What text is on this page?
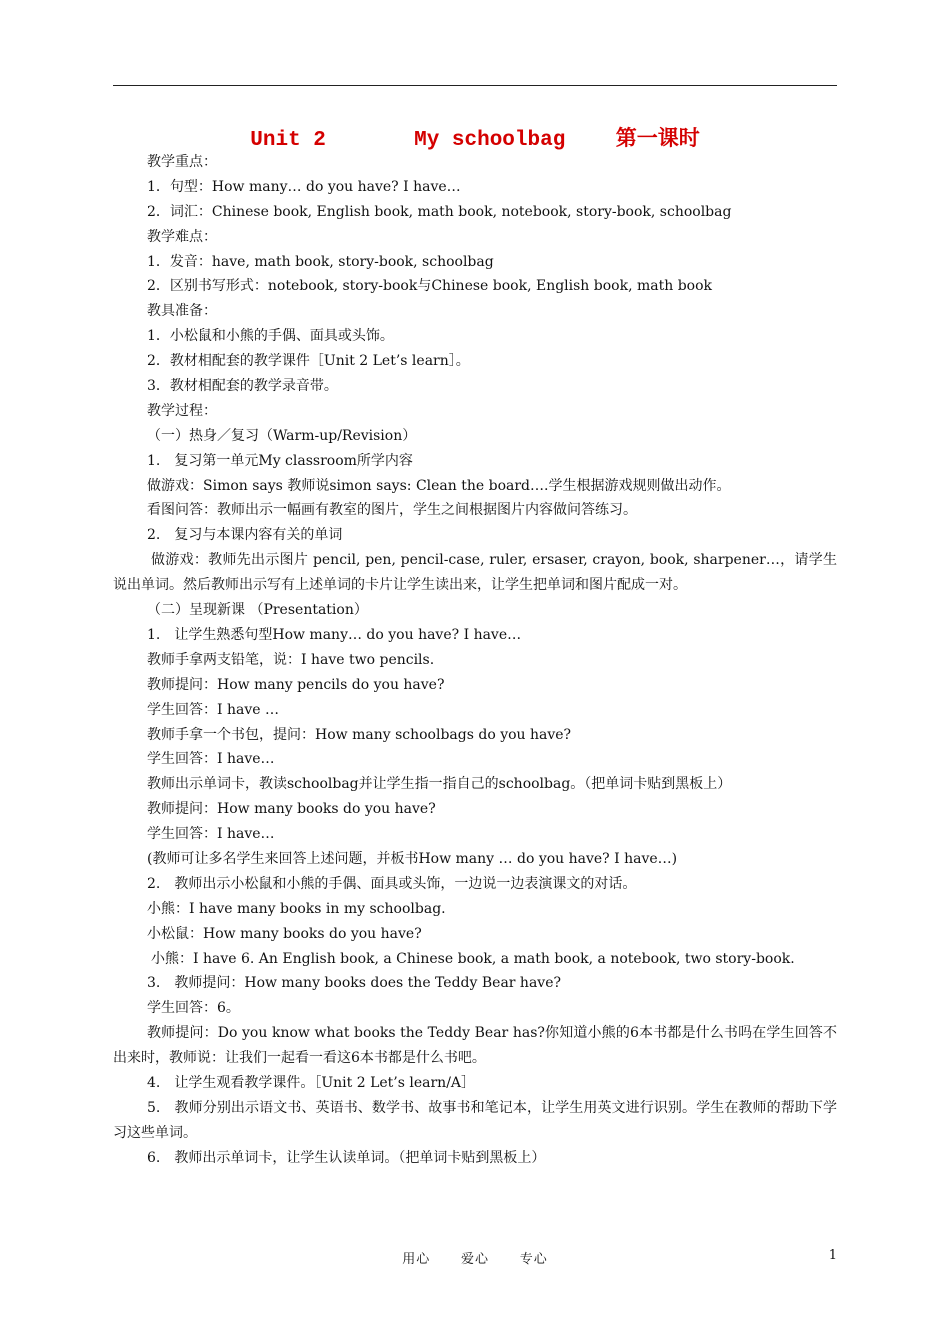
Unit 2       My schoolbag    第一课时
教学重点：
1．句型：How many… do you have? I have…
2．词汇：Chinese book, English book, math book, notebook, story-book, schoolbag
教学难点：
1．发音：have, math book, story-book, schoolbag
2．区别书写形式：notebook, story-book与Chinese book, English book, math book
教具准备：
1．小松鼠和小熊的手偶、面具或头饰。
2．教材相配套的教学课件［Unit 2 Let’s learn］。
3．教材相配套的教学录音带。
教学过程：
（一）热身／复习（Warm-up/Revision）
1.　复习第一单元My classroom所学内容
做游戏：Simon says 教师说simon says: Clean the board….学生根据游戏规则做出动作。
看图问答：教师出示一幅画有教室的图片，学生之间根据图片内容做问答练习。
2.　复习与本课内容有关的单词
做游戏：教师先出示图片 pencil, pen, pencil-case, ruler, ersaser, crayon, book, sharpener…，请学生说出单词。然后教师出示写有上述单词的卡片让学生读出来，让学生把单词和图片配成一对。
（二）呈现新课 （Presentation）
1.　让学生熟悉句型How many… do you have? I have…
教师手拿两支铅笔，说：I have two pencils.
教师提问：How many pencils do you have?
学生回答：I have …
教师手拿一个书包，提问：How many schoolbags do you have?
学生回答：I have…
教师出示单词卡，教读schoolbag并让学生指一指自己的schoolbag。（把单词卡贴到黑板上）
教师提问：How many books do you have?
学生回答：I have…
(教师可让多名学生来回答上述问题，并板书How many … do you have? I have…)
2.　教师出示小松鼠和小熊的手偶、面具或头饰，一边说一边表演课文的对话。
小熊：I have many books in my schoolbag.
小松鼠：How many books do you have?
小熊：I have 6. An English book, a Chinese book, a math book, a notebook, two story-book.
3.　教师提问：How many books does the Teddy Bear have?
学生回答：6。
教师提问：Do you know what books the Teddy Bear has?你知道小熊的6本书都是什么书吗在学生回答不出来时，教师说：让我们一起看一看这6本书都是什么书吧。
4.　让学生观看教学课件。［Unit 2 Let’s learn/A］
5.　教师分别出示语文书、英语书、数学书、故事书和笔记本，让学生用英文进行识别。学生在教师的帮助下学习这些单词。
6.　教师出示单词卡，让学生认读单词。（把单词卡贴到黑板上）
用心      爱心      专心	1
